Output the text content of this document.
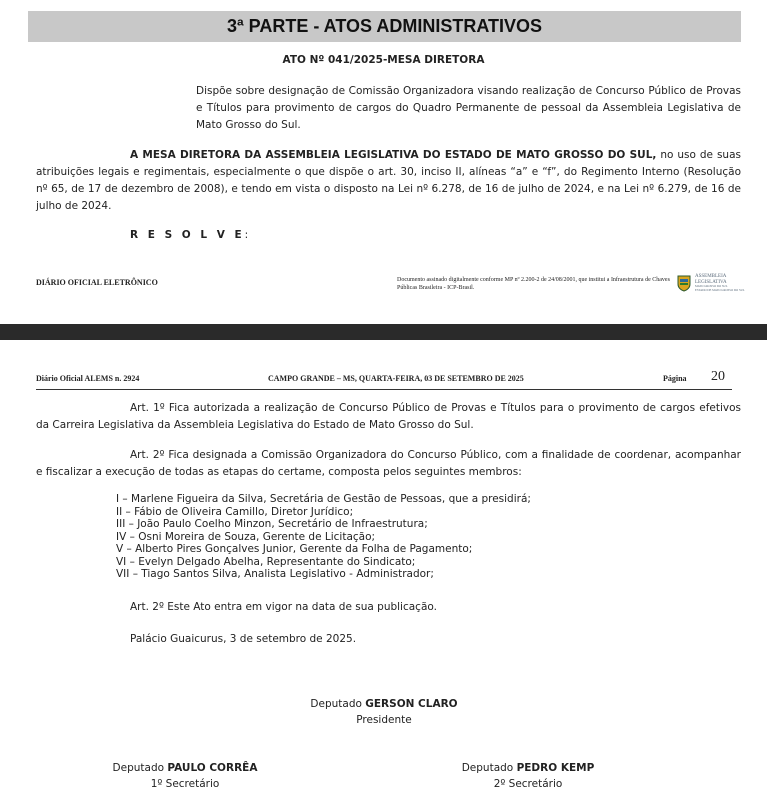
3ª PARTE - ATOS ADMINISTRATIVOS
ATO Nº 041/2025-MESA DIRETORA
Dispõe sobre designação de Comissão Organizadora visando realização de Concurso Público de Provas e Títulos para provimento de cargos do Quadro Permanente de pessoal da Assembleia Legislativa de Mato Grosso do Sul.
A MESA DIRETORA DA ASSEMBLEIA LEGISLATIVA DO ESTADO DE MATO GROSSO DO SUL, no uso de suas atribuições legais e regimentais, especialmente o que dispõe o art. 30, inciso II, alíneas “a” e “f”, do Regimento Interno (Resolução nº 65, de 17 de dezembro de 2008), e tendo em vista o disposto na Lei nº 6.278, de 16 de julho de 2024, e na Lei nº 6.279, de 16 de julho de 2024.
R E S O L V E:
DIÁRIO OFICIAL ELETRÔNICO	Documento assinado digitalmente conforme MP nº 2.200-2 de 24/08/2001, que institui a Infraestrutura de Chaves Públicas Brasileira - ICP-Brasil.
ASSEMBLEIA
LEGISLATIVA
MATO GROSSO DO SUL
ESTADO DE MATO GROSSO DO SUL
Diário Oficial ALEMS n. 2924	CAMPO GRANDE – MS, QUARTA-FEIRA, 03 DE SETEMBRO DE 2025	Página 20
Art. 1º Fica autorizada a realização de Concurso Público de Provas e Títulos para o provimento de cargos efetivos da Carreira Legislativa da Assembleia Legislativa do Estado de Mato Grosso do Sul.
Art. 2º Fica designada a Comissão Organizadora do Concurso Público, com a finalidade de coordenar, acompanhar e fiscalizar a execução de todas as etapas do certame, composta pelos seguintes membros:
I – Marlene Figueira da Silva, Secretária de Gestão de Pessoas, que a presidirá;
II – Fábio de Oliveira Camillo, Diretor Jurídico;
III – João Paulo Coelho Minzon, Secretário de Infraestrutura;
IV – Osni Moreira de Souza, Gerente de Licitação;
V – Alberto Pires Gonçalves Junior, Gerente da Folha de Pagamento;
VI – Evelyn Delgado Abelha, Representante do Sindicato;
VII – Tiago Santos Silva, Analista Legislativo - Administrador;
Art. 2º Este Ato entra em vigor na data de sua publicação.
Palácio Guaicurus, 3 de setembro de 2025.
Deputado GERSON CLARO
Presidente
Deputado PAULO CORRÊA
1º Secretário
Deputado PEDRO KEMP
2º Secretário
